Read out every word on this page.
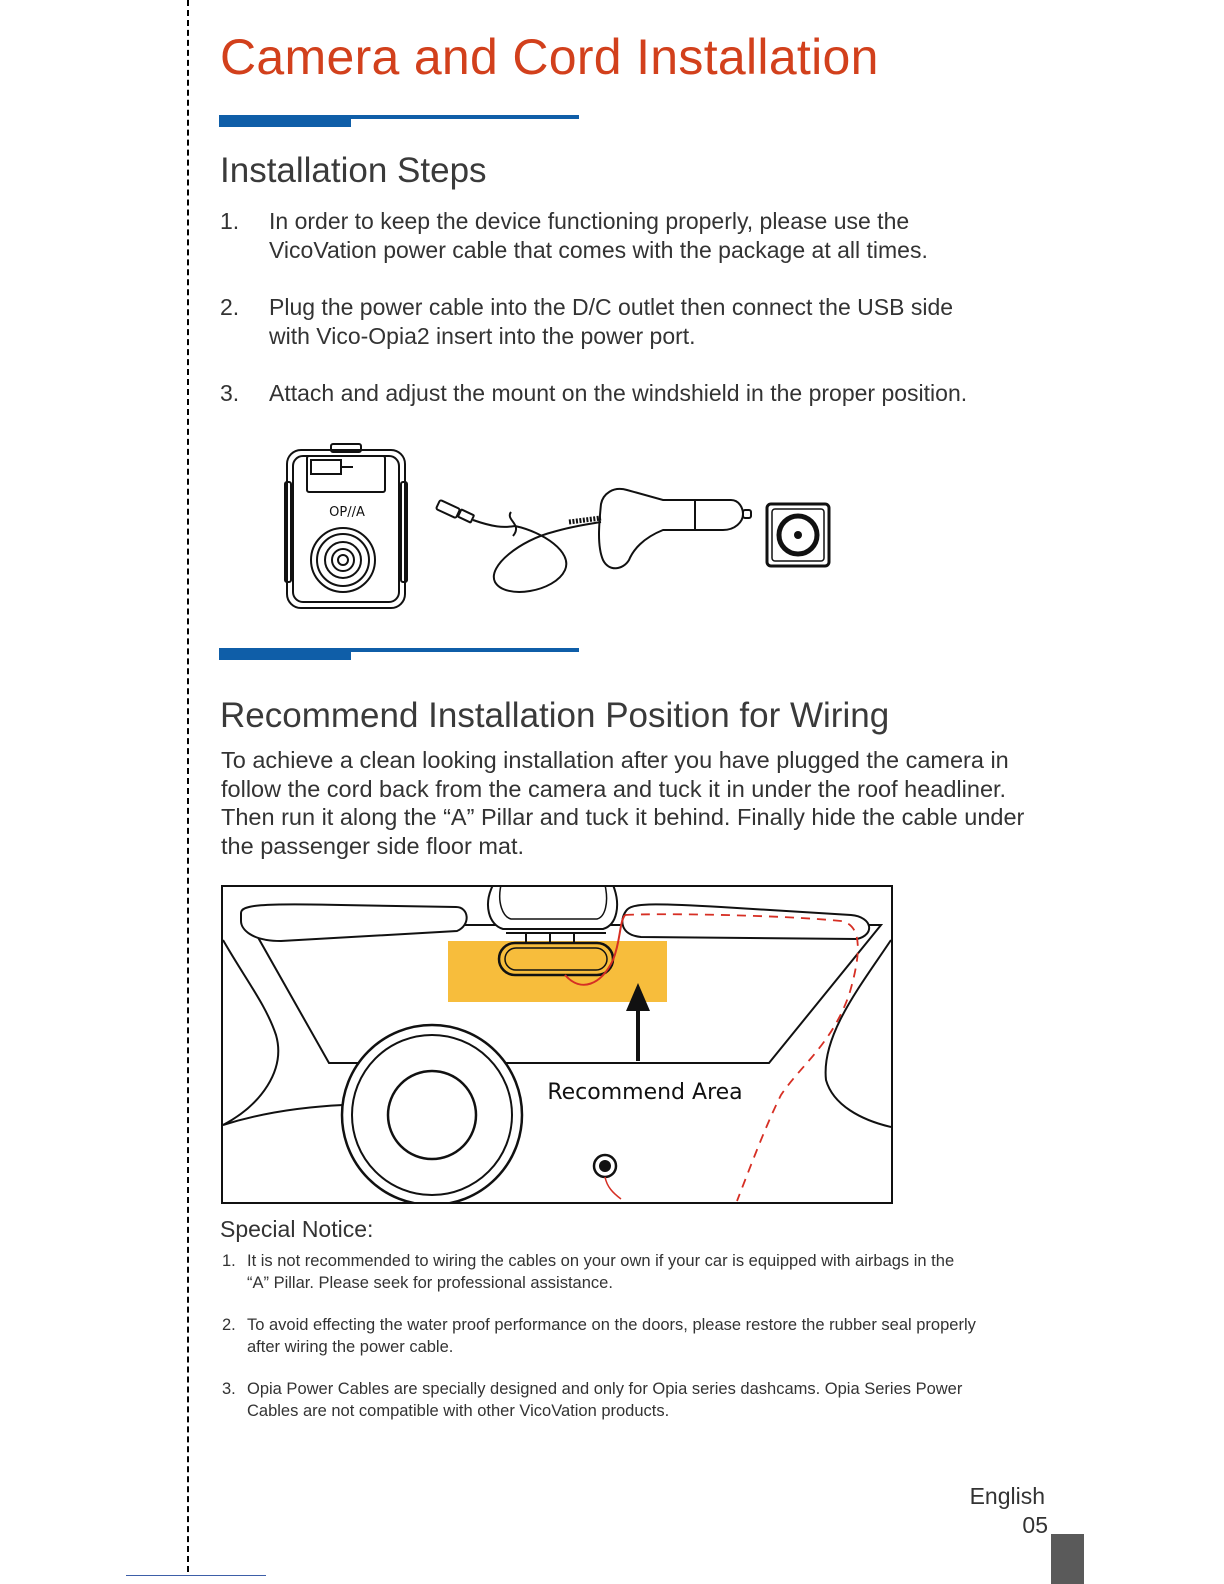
Camera and Cord Installation
Installation Steps
1. In order to keep the device functioning properly, please use the
VicoVation power cable that comes with the package at all times.
2. Plug the power cable into the D/C outlet then connect the USB side
with Vico-Opia2 insert into the power port.
3. Attach and adjust the mount on the windshield in the proper position.
OP//A
Recommend Installation Position for Wiring

To achieve a clean looking installation after you have plugged the camera in
follow the cord back from the camera and tuck it in under the roof headliner.
Then run it along the “A” Pillar and tuck it behind. Finally hide the cable under
the passenger side floor mat.

Recommend Area
Special Notice:
1. It is not recommended to wiring the cables on your own if your car is equipped with airbags in the
“A” Pillar. Please seek for professional assistance.
2. To avoid effecting the water proof performance on the doors, please restore the rubber seal properly
after wiring the power cable.
3. Opia Power Cables are specially designed and only for Opia series dashcams. Opia Series Power
Cables are not compatible with other VicoVation products.
English
05
